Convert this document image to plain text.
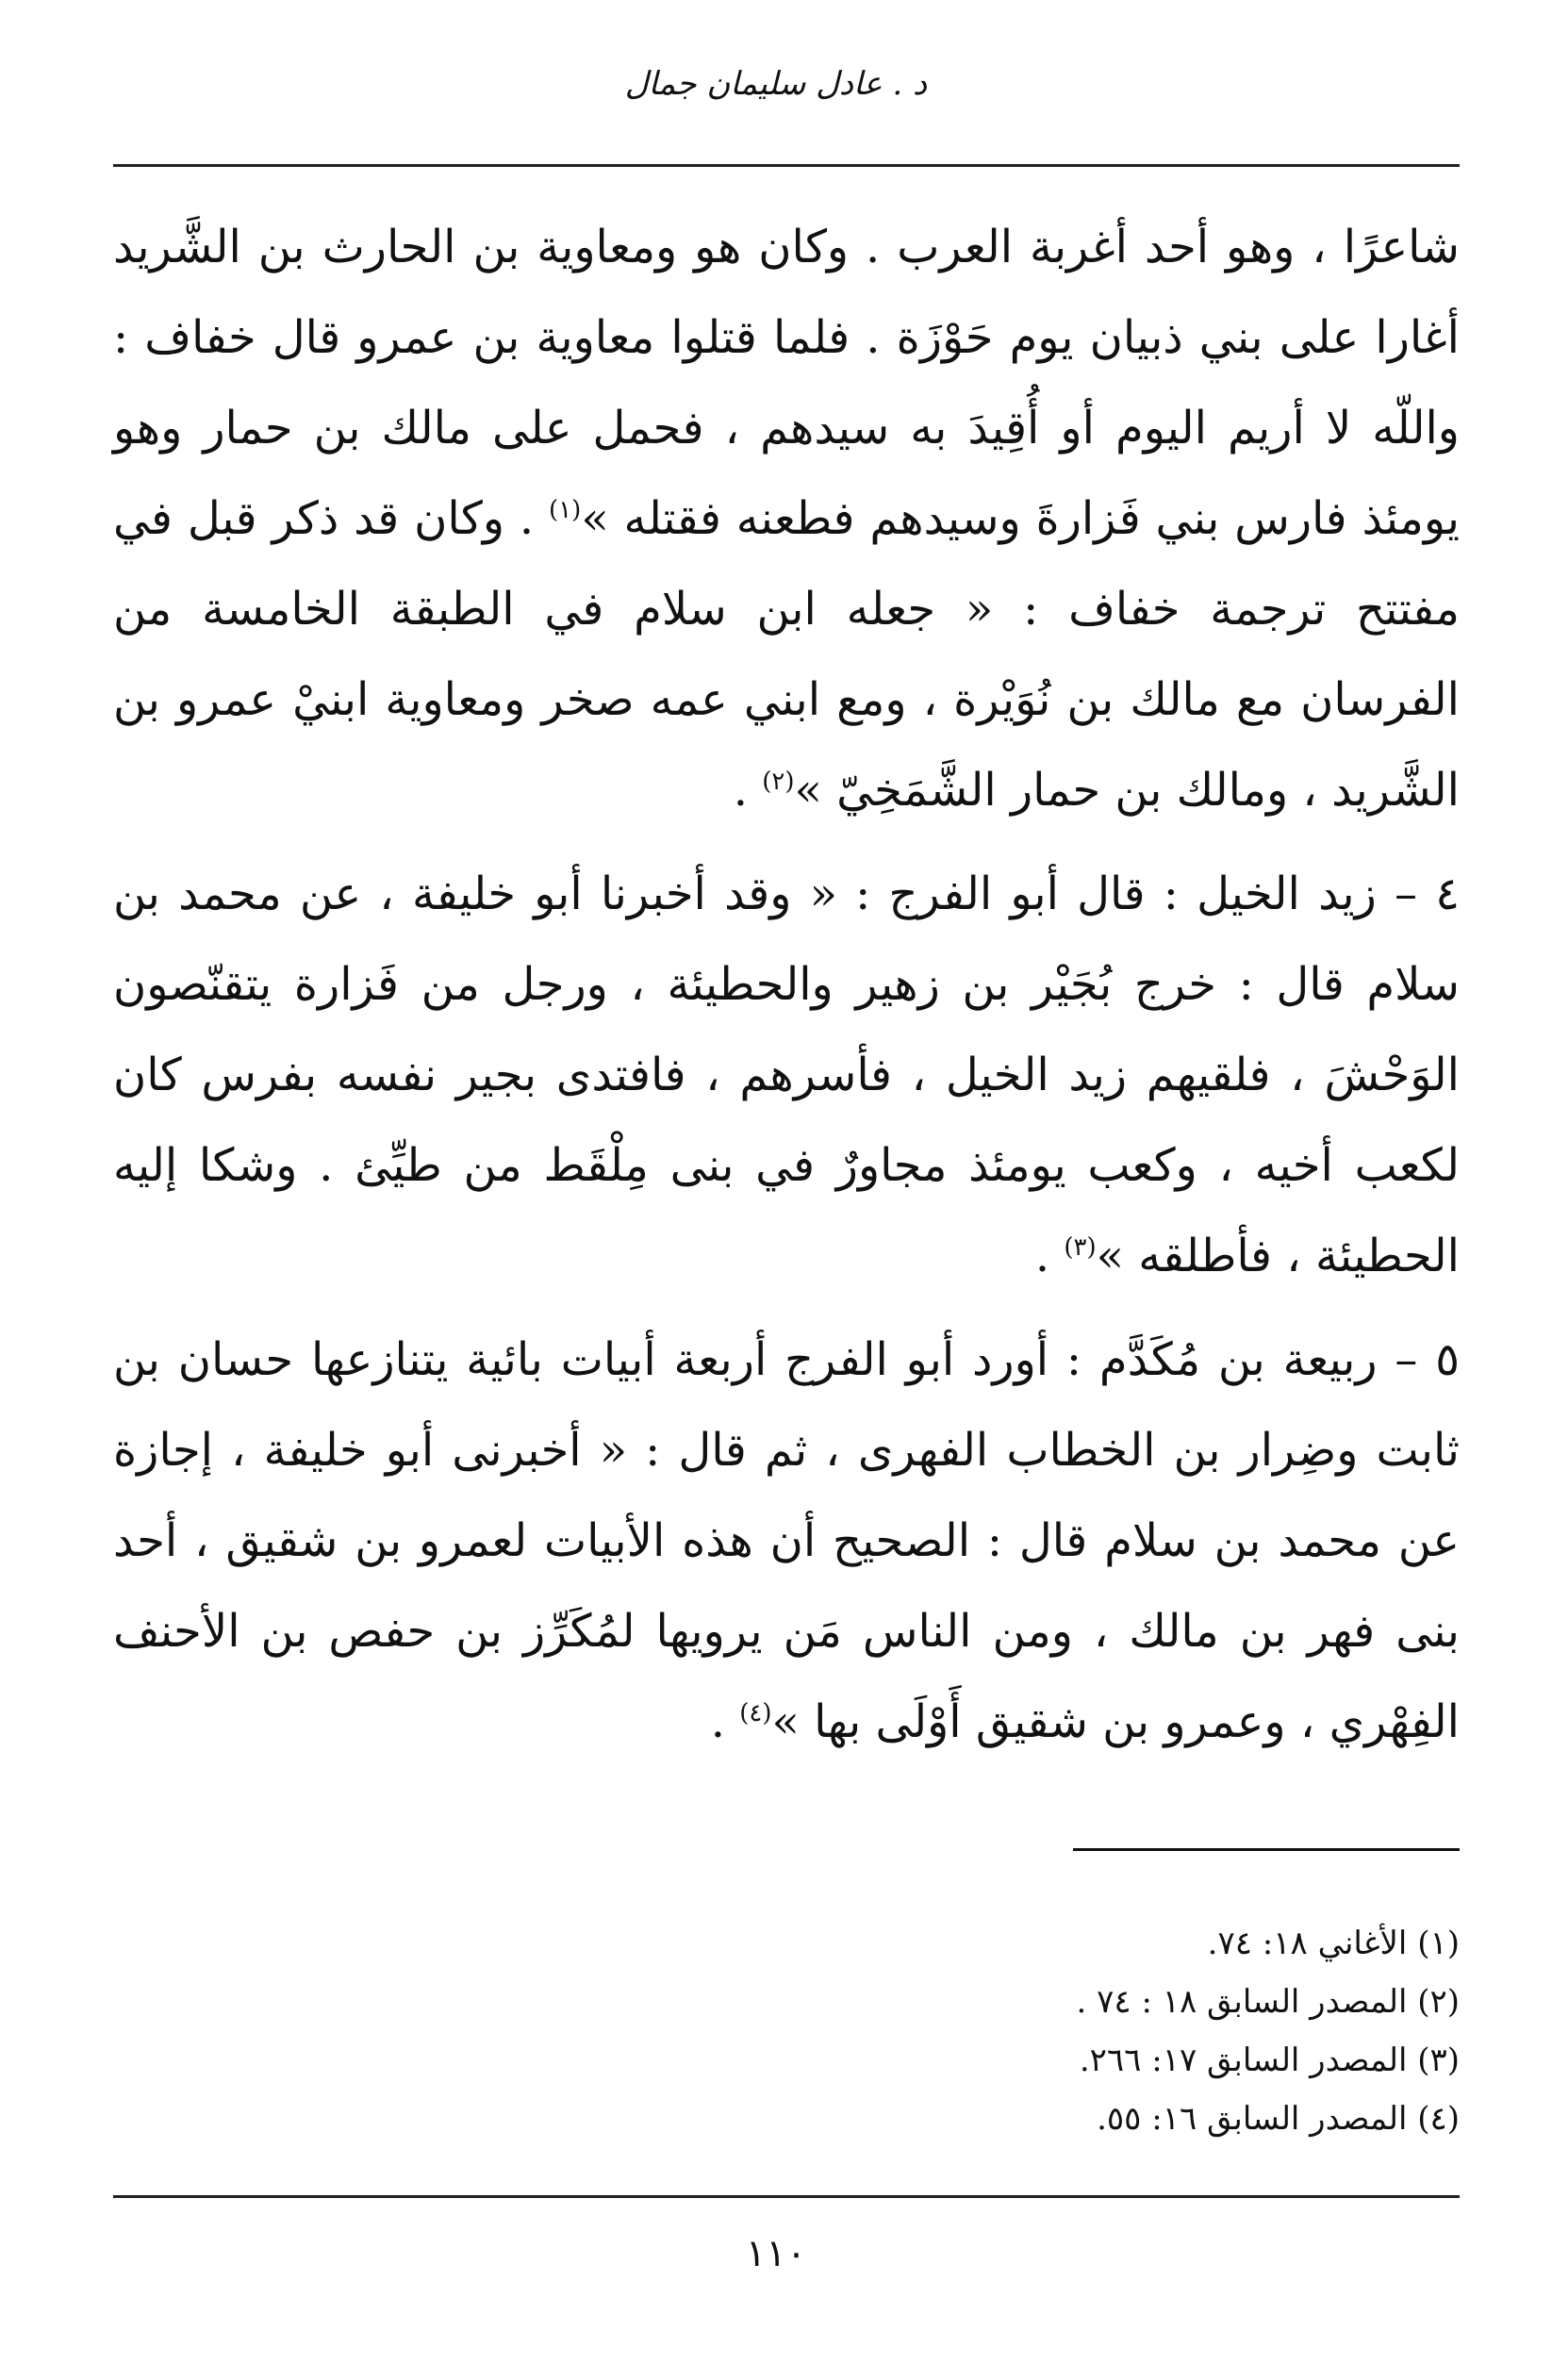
د . عادل سليمان جمال

شاعرًا ، وهو أحد أغربة العرب . وكان هو ومعاوية بن الحارث بن الشَّريد أغارا على بني ذبيان يوم حَوْزَة . فلما قتلوا معاوية بن عمرو قال خفاف : واللّه لا أريم اليوم أو أُقِيدَ به سيدهم ، فحمل على مالك بن حمار وهو يومئذ فارس بني فَزارةَ وسيدهم فطعنه فقتله »$^{(١)}$ . وكان قد ذكر قبل في مفتتح ترجمة خفاف : « جعله ابن سلام في الطبقة الخامسة من الفرسان مع مالك بن نُوَيْرة ، ومع ابني عمه صخر ومعاوية ابنيْ عمرو بن الشَّريد ، ومالك بن حمار الشَّمَخِيّ »$^{(٢)}$ .

٤ – زيد الخيل : قال أبو الفرج : « وقد أخبرنا أبو خليفة ، عن محمد بن سلام قال : خرج بُجَيْر بن زهير والحطيئة ، ورجل من فَزارة يتقنّصون الوَحْشَ ، فلقيهم زيد الخيل ، فأسرهم ، فافتدى بجير نفسه بفرس كان لكعب أخيه ، وكعب يومئذ مجاورٌ في بنى مِلْقَط من طيِّئ . وشكا إليه الحطيئة ، فأطلقه »$^{(٣)}$ .

٥ – ربيعة بن مُكَدَّم : أورد أبو الفرج أربعة أبيات بائية يتنازعها حسان بن ثابت وضِرار بن الخطاب الفهرى ، ثم قال : « أخبرنى أبو خليفة ، إجازة عن محمد بن سلام قال : الصحيح أن هذه الأبيات لعمرو بن شقيق ، أحد بنى فهر بن مالك ، ومن الناس مَن يرويها لمُكَرِّز بن حفص بن الأحنف الفِهْري ، وعمرو بن شقيق أَوْلَى بها »$^{(٤)}$ .

(١) الأغاني ١٨: ٧٤.
(٢) المصدر السابق ١٨ : ٧٤ .
(٣) المصدر السابق ١٧: ٢٦٦.
(٤) المصدر السابق ١٦: ٥٥.
١١٠
